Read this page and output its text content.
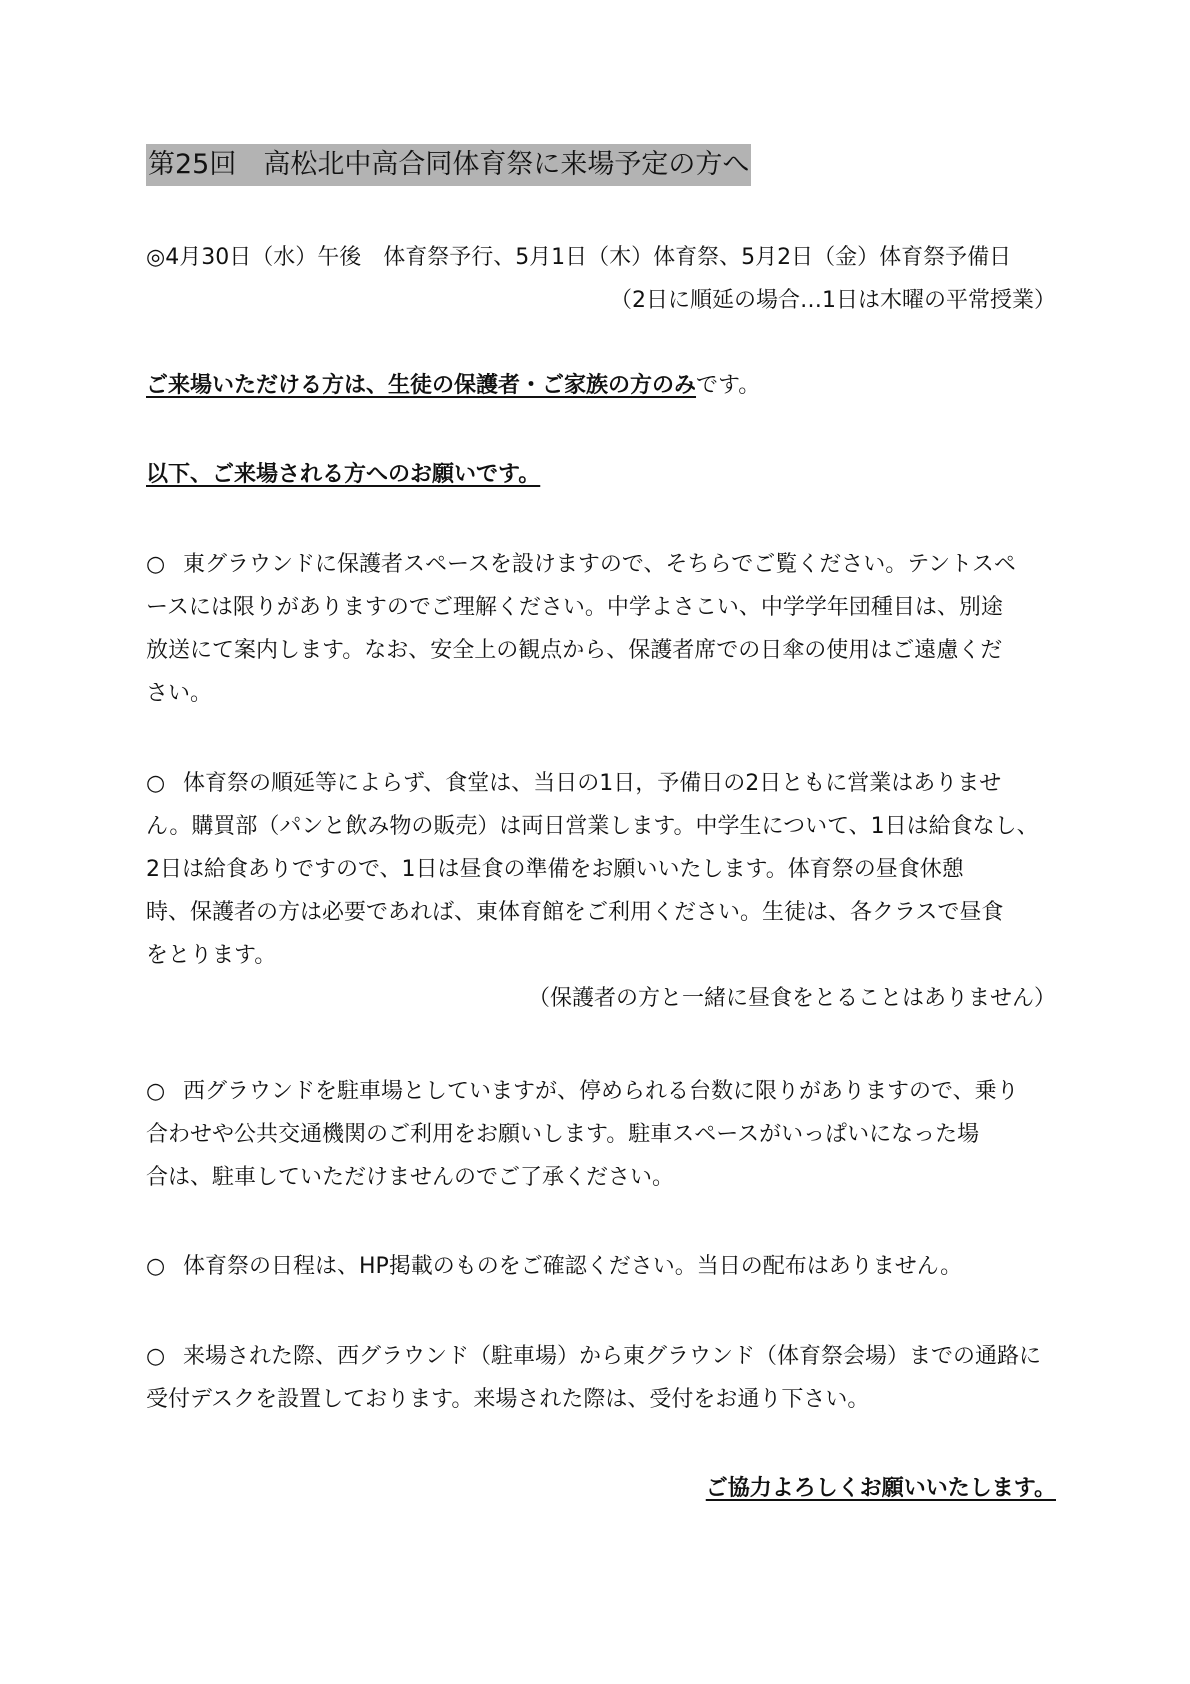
第25回　高松北中高合同体育祭に来場予定の方へ
◎4月30日（水）午後　体育祭予行、5月1日（木）体育祭、5月2日（金）体育祭予備日
（2日に順延の場合…1日は木曜の平常授業）
ご来場いただける方は、生徒の保護者・ご家族の方のみです。
以下、ご来場される方へのお願いです。
○ 東グラウンドに保護者スペースを設けますので、そちらでご覧ください。テントスペ
ースには限りがありますのでご理解ください。中学よさこい、中学学年団種目は、別途
放送にて案内します。なお、安全上の観点から、保護者席での日傘の使用はご遠慮くだ
さい。
○ 体育祭の順延等によらず、食堂は、当日の1日，予備日の2日ともに営業はありませ
ん。購買部（パンと飲み物の販売）は両日営業します。中学生について、1日は給食なし、
2日は給食ありですので、1日は昼食の準備をお願いいたします。体育祭の昼食休憩
時、保護者の方は必要であれば、東体育館をご利用ください。生徒は、各クラスで昼食
をとります。
（保護者の方と一緒に昼食をとることはありません）
○ 西グラウンドを駐車場としていますが、停められる台数に限りがありますので、乗り
合わせや公共交通機関のご利用をお願いします。駐車スペースがいっぱいになった場
合は、駐車していただけませんのでご了承ください。
○ 体育祭の日程は、HP掲載のものをご確認ください。当日の配布はありません。
○ 来場された際、西グラウンド（駐車場）から東グラウンド（体育祭会場）までの通路に
受付デスクを設置しております。来場された際は、受付をお通り下さい。
ご協力よろしくお願いいたします。
